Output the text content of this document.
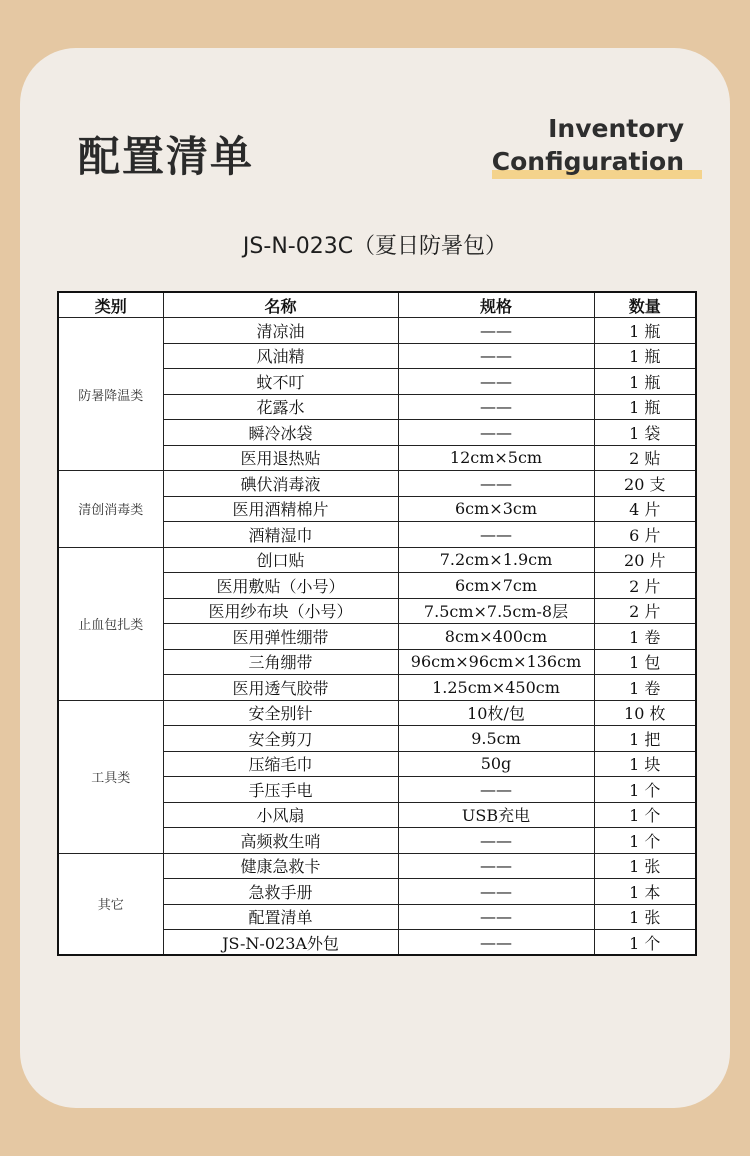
配置清单
Inventory
Configuration
JS-N-023C（夏日防暑包）
类别	名称	规格	数量
防暑降温类	清凉油	——	1 瓶
	风油精	——	1 瓶
	蚊不叮	——	1 瓶
	花露水	——	1 瓶
	瞬冷冰袋	——	1 袋
	医用退热贴	12cm×5cm	2 贴
清创消毒类	碘伏消毒液	——	20 支
	医用酒精棉片	6cm×3cm	4 片
	酒精湿巾	——	6 片
止血包扎类	创口贴	7.2cm×1.9cm	20 片
	医用敷贴（小号）	6cm×7cm	2 片
	医用纱布块（小号）	7.5cm×7.5cm-8层	2 片
	医用弹性绷带	8cm×400cm	1 卷
	三角绷带	96cm×96cm×136cm	1 包
	医用透气胶带	1.25cm×450cm	1 卷
工具类	安全别针	10枚/包	10 枚
	安全剪刀	9.5cm	1 把
	压缩毛巾	50g	1 块
	手压手电	——	1 个
	小风扇	USB充电	1 个
	高频救生哨	——	1 个
其它	健康急救卡	——	1 张
	急救手册	——	1 本
	配置清单	——	1 张
	JS-N-023A外包	——	1 个
